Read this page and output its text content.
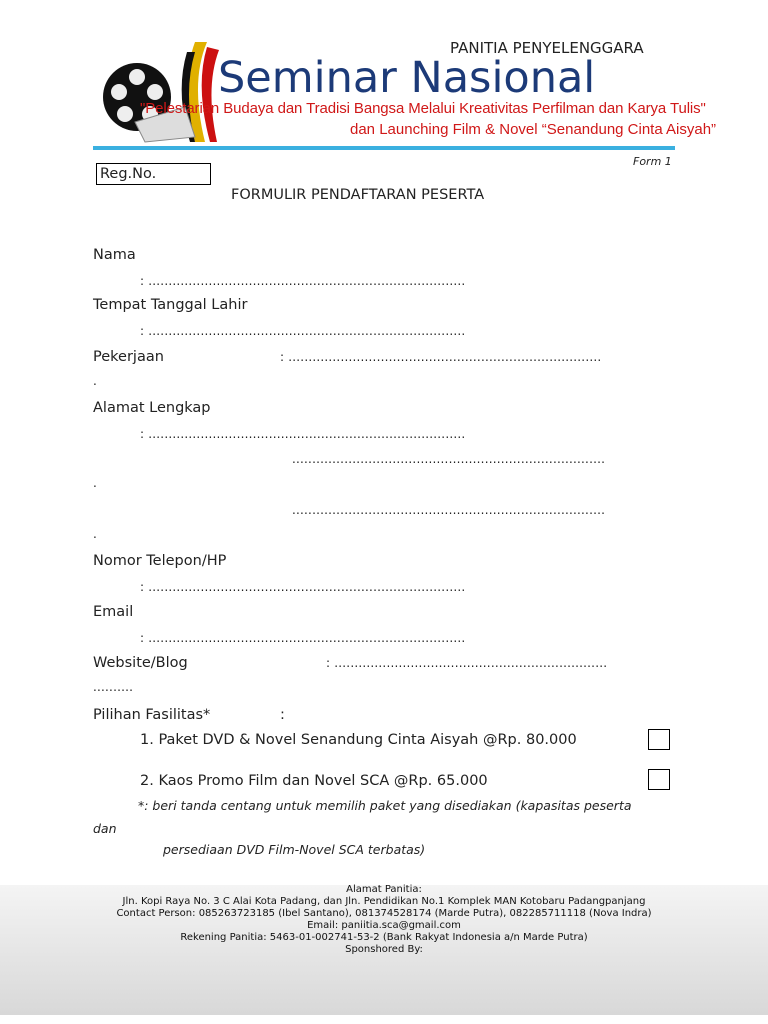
PANITIA PENYELENGGARA
Seminar Nasional
"Pelestarian Budaya dan Tradisi Bangsa Melalui Kreativitas Perfilman dan Karya Tulis"
dan Launching Film & Novel “Senandung Cinta Aisyah”
Form 1
Reg.No.
FORMULIR PENDAFTARAN PESERTA
Nama
: ...............................................................................
Tempat Tanggal Lahir
: ...............................................................................
Pekerjaan	: ..............................................................................
.
Alamat Lengkap
: ...............................................................................
..............................................................................
.
..............................................................................
.
Nomor Telepon/HP
: ...............................................................................
Email
: ...............................................................................
Website/Blog	: ....................................................................
..........
Pilihan Fasilitas*	:
1. Paket DVD & Novel Senandung Cinta Aisyah @Rp. 80.000
2. Kaos Promo Film dan Novel SCA @Rp. 65.000
*: beri tanda centang untuk memilih paket yang disediakan (kapasitas peserta
dan
persediaan DVD Film-Novel SCA terbatas)
Alamat Panitia:
Jln. Kopi Raya No. 3 C Alai Kota Padang, dan Jln. Pendidikan No.1 Komplek MAN Kotobaru Padangpanjang
Contact Person: 085263723185 (Ibel Santano), 081374528174 (Marde Putra), 082285711118 (Nova Indra)
Email: paniitia.sca@gmail.com
Rekening Panitia: 5463-01-002741-53-2 (Bank Rakyat Indonesia a/n Marde Putra)
Sponshored By:
